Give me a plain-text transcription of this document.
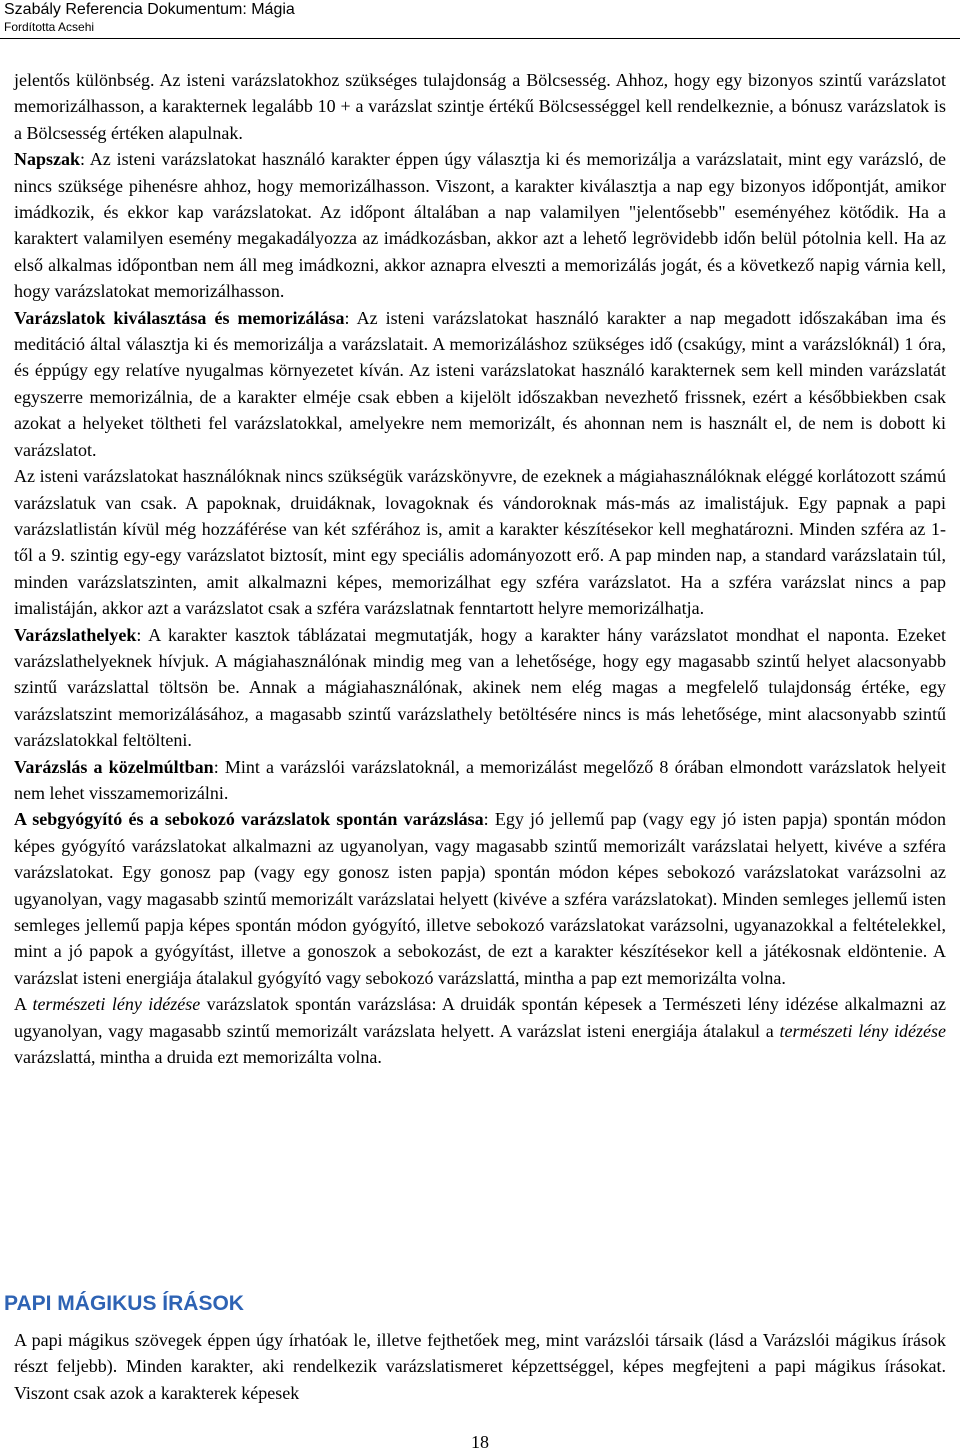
Szabály Referencia Dokumentum: Mágia
Fordította Acsehi

jelentős különbség. Az isteni varázslatokhoz szükséges tulajdonság a Bölcsesség. Ahhoz, hogy egy bizonyos szintű varázslatot memorizálhasson, a karakternek legalább 10 + a varázslat szintje értékű Bölcsességgel kell rendelkeznie, a bónusz varázslatok is a Bölcsesség értéken alapulnak.

Napszak: Az isteni varázslatokat használó karakter éppen úgy választja ki és memorizálja a varázslatait, mint egy varázsló, de nincs szüksége pihenésre ahhoz, hogy memorizálhasson. Viszont, a karakter kiválasztja a nap egy bizonyos időpontját, amikor imádkozik, és ekkor kap varázslatokat. Az időpont általában a nap valamilyen "jelentősebb" eseményéhez kötődik. Ha a karaktert valamilyen esemény megakadályozza az imádkozásban, akkor azt a lehető legrövidebb időn belül pótolnia kell. Ha az első alkalmas időpontban nem áll meg imádkozni, akkor aznapra elveszti a memorizálás jogát, és a következő napig várnia kell, hogy varázslatokat memorizálhasson.

Varázslatok kiválasztása és memorizálása: Az isteni varázslatokat használó karakter a nap megadott időszakában ima és meditáció által választja ki és memorizálja a varázslatait. A memorizáláshoz szükséges idő (csakúgy, mint a varázslóknál) 1 óra, és éppúgy egy relatíve nyugalmas környezetet kíván. Az isteni varázslatokat használó karakternek sem kell minden varázslatát egyszerre memorizálnia, de a karakter elméje csak ebben a kijelölt időszakban nevezhető frissnek, ezért a későbbiekben csak azokat a helyeket töltheti fel varázslatokkal, amelyekre nem memorizált, és ahonnan nem is használt el, de nem is dobott ki varázslatot.

Az isteni varázslatokat használóknak nincs szükségük varázskönyvre, de ezeknek a mágiahasználóknak eléggé korlátozott számú varázslatuk van csak. A papoknak, druidáknak, lovagoknak és vándoroknak más-más az imalistájuk. Egy papnak a papi varázslatlistán kívül még hozzáférése van két szférához is, amit a karakter készítésekor kell meghatározni. Minden szféra az 1-től a 9. szintig egy-egy varázslatot biztosít, mint egy speciális adományozott erő. A pap minden nap, a standard varázslatain túl, minden varázslatszinten, amit alkalmazni képes, memorizálhat egy szféra varázslatot. Ha a szféra varázslat nincs a pap imalistáján, akkor azt a varázslatot csak a szféra varázslatnak fenntartott helyre memorizálhatja.

Varázslathelyek: A karakter kasztok táblázatai megmutatják, hogy a karakter hány varázslatot mondhat el naponta. Ezeket varázslathelyeknek hívjuk. A mágiahasználónak mindig meg van a lehetősége, hogy egy magasabb szintű helyet alacsonyabb szintű varázslattal töltsön be. Annak a mágiahasználónak, akinek nem elég magas a megfelelő tulajdonság értéke, egy varázslatszint memorizálásához, a magasabb szintű varázslathely betöltésére nincs is más lehetősége, mint alacsonyabb szintű varázslatokkal feltölteni.

Varázslás a közelmúltban: Mint a varázslói varázslatoknál, a memorizálást megelőző 8 órában elmondott varázslatok helyeit nem lehet visszamemorizálni.

A sebgyógyító és a sebokozó varázslatok spontán varázslása: Egy jó jellemű pap (vagy egy jó isten papja) spontán módon képes gyógyító varázslatokat alkalmazni az ugyanolyan, vagy magasabb szintű memorizált varázslatai helyett, kivéve a szféra varázslatokat. Egy gonosz pap (vagy egy gonosz isten papja) spontán módon képes sebokozó varázslatokat varázsolni az ugyanolyan, vagy magasabb szintű memorizált varázslatai helyett (kivéve a szféra varázslatokat). Minden semleges jellemű isten semleges jellemű papja képes spontán módon gyógyító, illetve sebokozó varázslatokat varázsolni, ugyanazokkal a feltételekkel, mint a jó papok a gyógyítást, illetve a gonoszok a sebokozást, de ezt a karakter készítésekor kell a játékosnak eldöntenie. A varázslat isteni energiája átalakul gyógyító vagy sebokozó varázslattá, mintha a pap ezt memorizálta volna.

A természeti lény idézése varázslatok spontán varázslása: A druidák spontán képesek a Természeti lény idézése alkalmazni az ugyanolyan, vagy magasabb szintű memorizált varázslata helyett. A varázslat isteni energiája átalakul a természeti lény idézése varázslattá, mintha a druida ezt memorizálta volna.

PAPI MÁGIKUS ÍRÁSOK

A papi mágikus szövegek éppen úgy írhatóak le, illetve fejthetőek meg, mint varázslói társaik (lásd a Varázslói mágikus írások részt feljebb). Minden karakter, aki rendelkezik varázslatismeret képzettséggel, képes megfejteni a papi mágikus írásokat. Viszont csak azok a karakterek képesek

18
